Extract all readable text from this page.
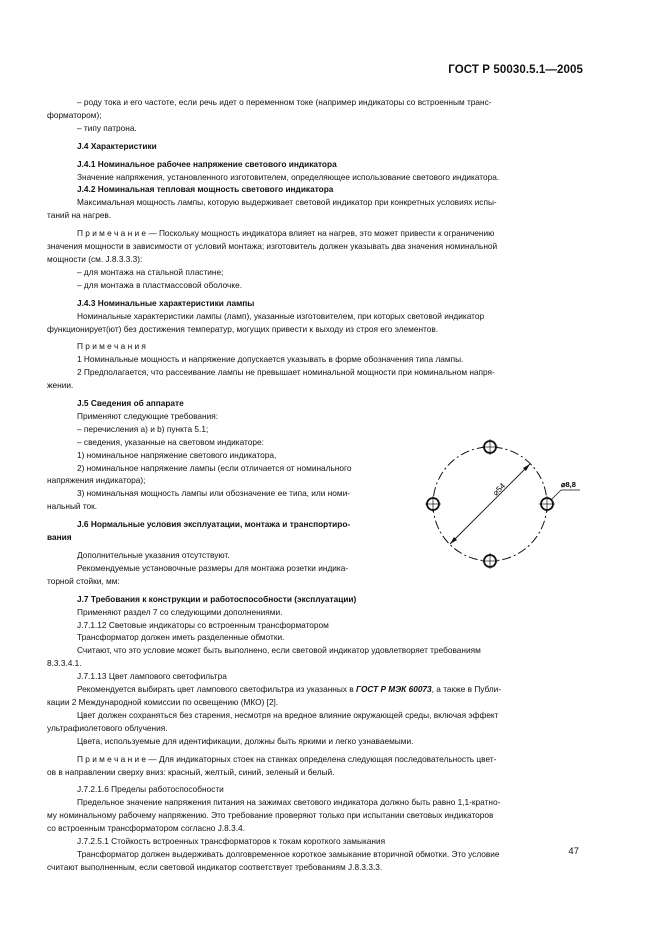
ГОСТ Р 50030.5.1—2005

– роду тока и его частоте, если речь идет о переменном токе (например индикаторы со встроенным транс-

форматором);

– типу патрона.

J.4 Характеристики

J.4.1 Номинальное рабочее напряжение светового индикатора

Значение напряжения, установленного изготовителем, определяющее использование светового индикатора.

J.4.2 Номинальная тепловая мощность светового индикатора

Максимальная мощность лампы, которую выдерживает световой индикатор при конкретных условиях испы-

таний на нагрев.

П р и м е ч а н и е — Поскольку мощность индикатора влияет на нагрев, это может привести к ограничению

значения мощности в зависимости от условий монтажа; изготовитель должен указывать два значения номинальной

мощности (см. J.8.3.3.3):

– для монтажа на стальной пластине;

– для монтажа в пластмассовой оболочке.

J.4.3 Номинальные характеристики лампы

Номинальные характеристики лампы (ламп), указанные изготовителем, при которых световой индикатор

функционирует(ют) без достижения температур, могущих привести к выходу из строя его элементов.

П р и м е ч а н и я

1 Номинальные мощность и напряжение допускается указывать в форме обозначения типа лампы.

2 Предполагается, что рассеивание лампы не превышает номинальной мощности при номинальном напря-

жении.

J.5 Сведения об аппарате

Применяют следующие требования:

– перечисления a) и b) пункта 5.1;

– сведения, указанные на световом индикаторе:

1) номинальное напряжение светового индикатора,

2) номинальное напряжение лампы (если отличается от номинального

напряжения индикатора);

3) номинальная мощность лампы или обозначение ее типа, или номи-

нальный ток.

J.6 Нормальные условия эксплуатации, монтажа и транспортиро-

вания

Дополнительные указания отсутствуют.

Рекомендуемые установочные размеры для монтажа розетки индика-

торной стойки, мм:

J.7 Требования к конструкции и работоспособности (эксплуатации)

Применяют раздел 7 со следующими дополнениями.

J.7.1.12 Световые индикаторы со встроенным трансформатором

Трансформатор должен иметь разделенные обмотки.

Считают, что это условие может быть выполнено, если световой индикатор удовлетворяет требованиям

8.3.3.4.1.

J.7.1.13 Цвет лампового светофильтра

Рекомендуется выбирать цвет лампового светофильтра из указанных в ГОСТ Р МЭК 60073, а также в Публи-

кации 2 Международной комиссии по освещению (МКО) [2].

Цвет должен сохраняться без старения, несмотря на вредное влияние окружающей среды, включая эффект

ультрафиолетового облучения.

Цвета, используемые для идентификации, должны быть яркими и легко узнаваемыми.

П р и м е ч а н и е — Для индикаторных стоек на станках определена следующая последовательность цвет-

ов в направлении сверху вниз: красный, желтый, синий, зеленый и белый.

J.7.2.1.6 Пределы работоспособности

Предельное значение напряжения питания на зажимах светового индикатора должно быть равно 1,1-кратно-

му номинальному рабочему напряжению. Это требование проверяют только при испытании световых индикаторов

со встроенным трансформатором согласно J.8.3.4.

J.7.2.5.1 Стойкость встроенных трансформаторов к токам короткого замыкания

Трансформатор должен выдерживать долговременное короткое замыкание вторичной обмотки. Это условие

считают выполненным, если световой индикатор соответствует требованиям J.8.3.3.3.

⌀54	⌀8,8
47
